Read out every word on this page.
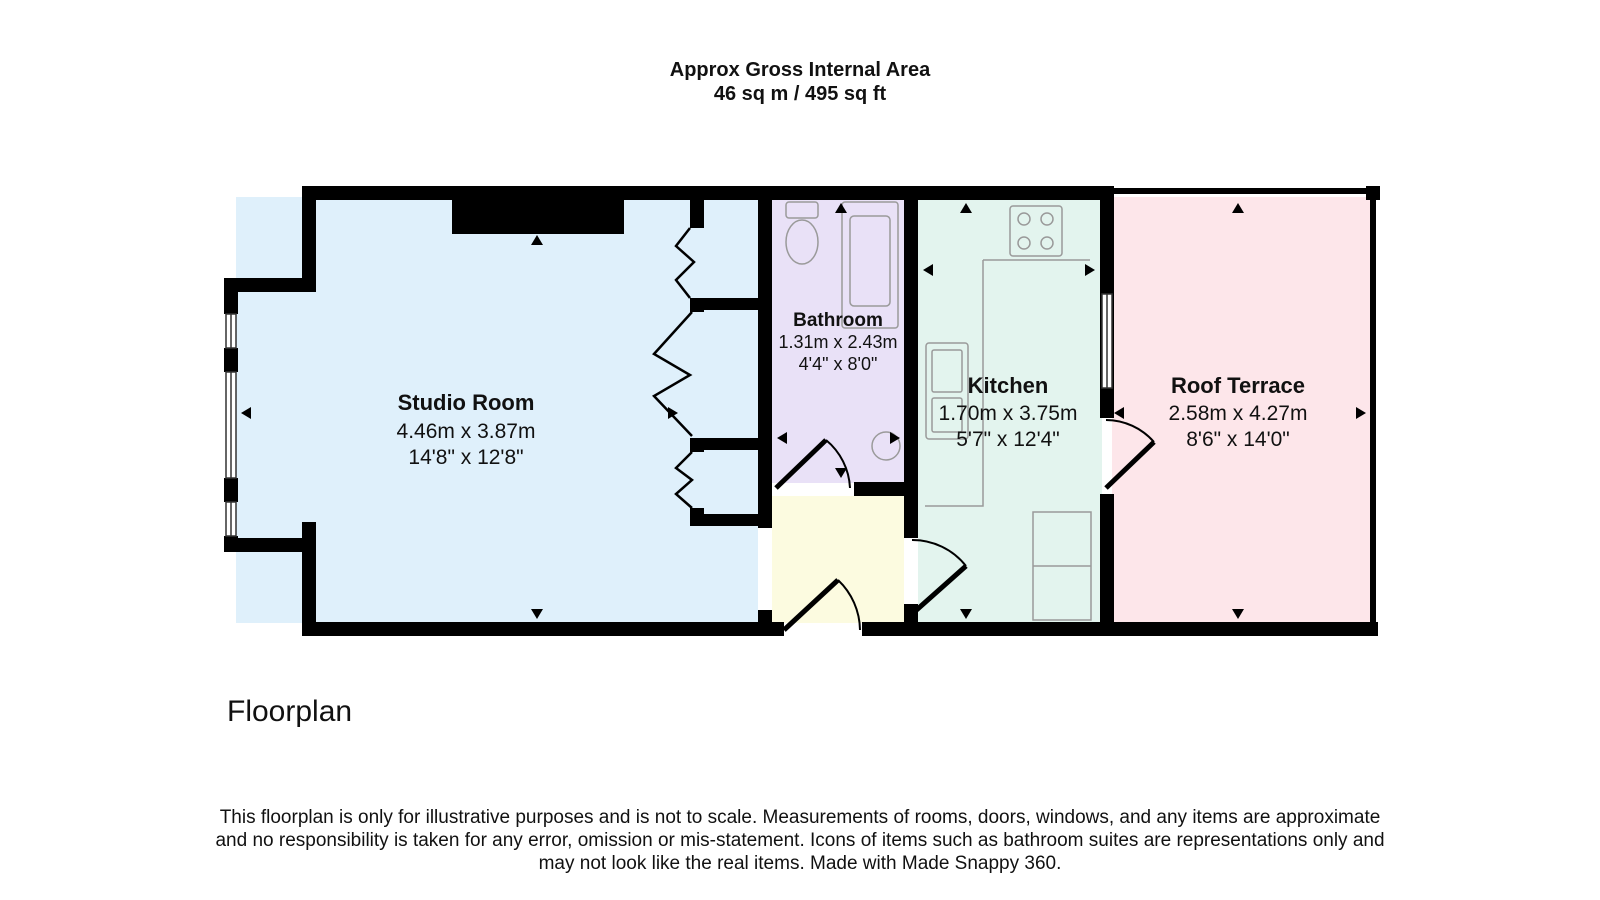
Approx Gross Internal Area
46 sq m / 495 sq ft
Studio Room
4.46m x 3.87m
14'8" x 12'8"
Bathroom
1.31m x 2.43m
4'4" x 8'0"
Kitchen
1.70m x 3.75m
5'7" x 12'4"
Roof Terrace
2.58m x 4.27m
8'6" x 14'0"
Floorplan
This floorplan is only for illustrative purposes and is not to scale. Measurements of rooms, doors, windows, and any items are approximate
and no responsibility is taken for any error, omission or mis-statement. Icons of items such as bathroom suites are representations only and
may not look like the real items. Made with Made Snappy 360.
